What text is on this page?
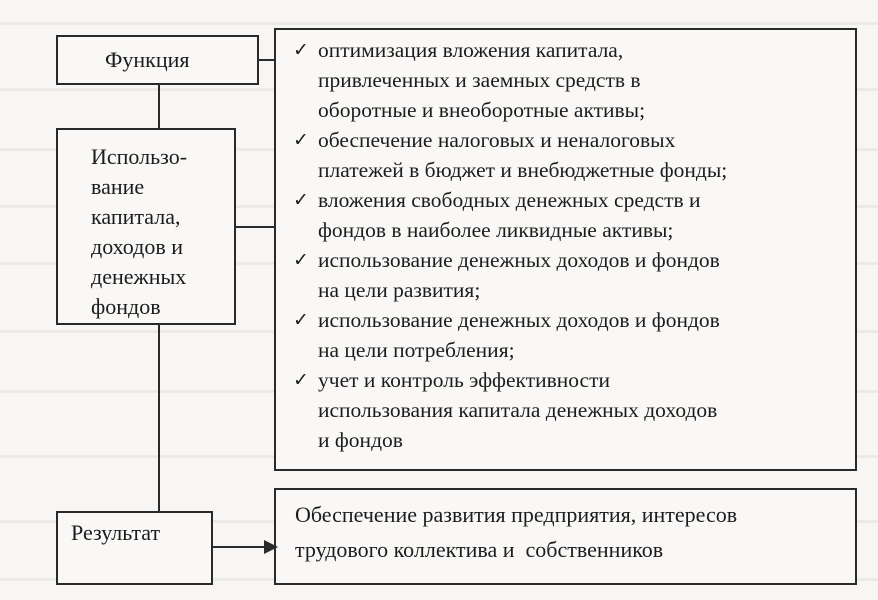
Функция
Использо-
вание
капитала,
доходов и
денежных
фондов
Результат
✓ оптимизация вложения капитала,
привлеченных и заемных средств в
оборотные и внеоборотные активы;
✓ обеспечение налоговых и неналоговых
платежей в бюджет и внебюджетные фонды;
✓ вложения свободных денежных средств и
фондов в наиболее ликвидные активы;
✓ использование денежных доходов и фондов
на цели развития;
✓ использование денежных доходов и фондов
на цели потребления;
✓ учет и контроль эффективности
использования капитала денежных доходов
и фондов
Обеспечение развития предприятия, интересов
трудового коллектива и  собственников
